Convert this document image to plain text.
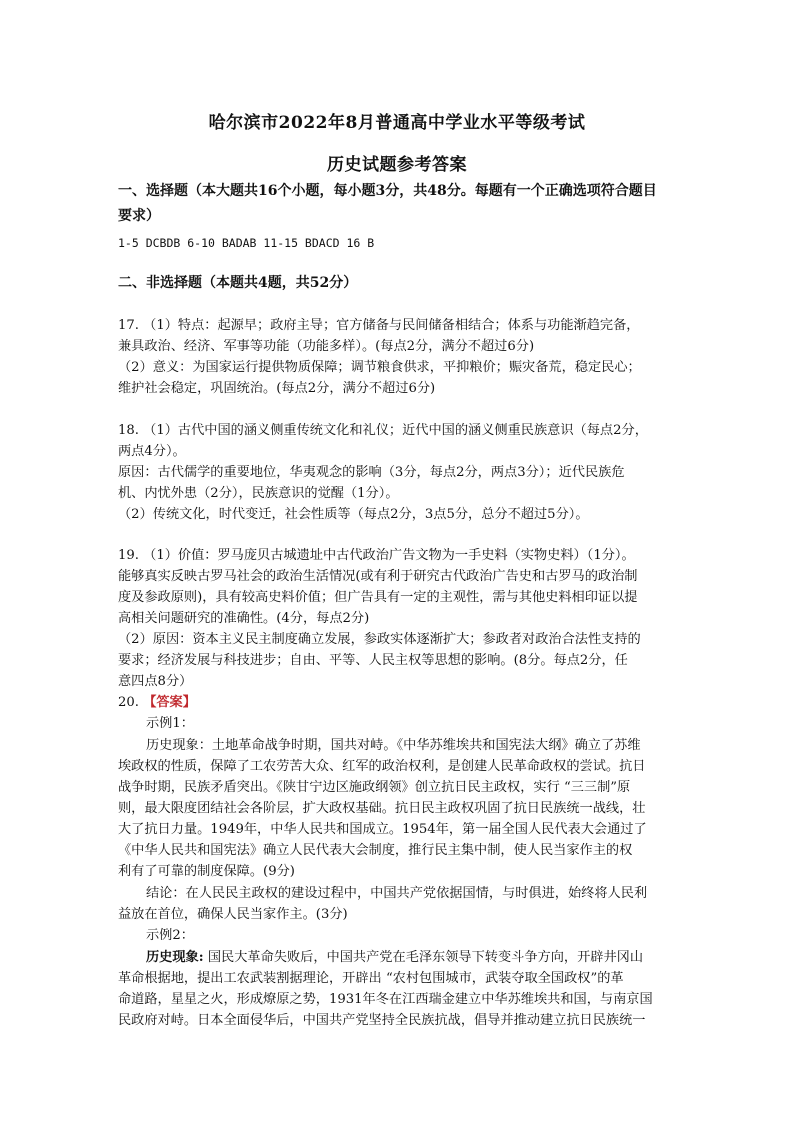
哈尔滨市2022年8月普通高中学业水平等级考试
历史试题参考答案
一、选择题（本大题共16个小题，每小题3分，共48分。每题有一个正确选项符合题目
要求）
1-5 DCBDB 6-10 BADAB 11-15 BDACD 16 B
二、非选择题（本题共4题，共52分）
17. （1）特点：起源早；政府主导；官方储备与民间储备相结合；体系与功能渐趋完备，
兼具政治、经济、军事等功能（功能多样）。(每点2分，满分不超过6分)
（2）意义：为国家运行提供物质保障；调节粮食供求，平抑粮价；赈灾备荒，稳定民心；
维护社会稳定，巩固统治。(每点2分，满分不超过6分)
18. （1）古代中国的涵义侧重传统文化和礼仪；近代中国的涵义侧重民族意识（每点2分，
两点4分）。
原因：古代儒学的重要地位，华夷观念的影响（3分，每点2分，两点3分）；近代民族危
机、内忧外患（2分），民族意识的觉醒（1分）。
（2）传统文化，时代变迁，社会性质等（每点2分，3点5分，总分不超过5分）。
19. （1）价值：罗马庞贝古城遗址中古代政治广告文物为一手史料（实物史料）（1分）。
能够真实反映古罗马社会的政治生活情况(或有利于研究古代政治广告史和古罗马的政治制
度及参政原则)，具有较高史料价值；但广告具有一定的主观性，需与其他史料相印证以提
高相关问题研究的准确性。(4分，每点2分)
（2）原因：资本主义民主制度确立发展，参政实体逐渐扩大；参政者对政治合法性支持的
要求；经济发展与科技进步；自由、平等、人民主权等思想的影响。(8分。每点2分，任
意四点8分）
20. 【答案】
示例1：
历史现象：土地革命战争时期，国共对峙。《中华苏维埃共和国宪法大纲》确立了苏维
埃政权的性质，保障了工农劳苦大众、红军的政治权利，是创建人民革命政权的尝试。抗日
战争时期，民族矛盾突出。《陕甘宁边区施政纲领》创立抗日民主政权，实行 “三三制”原
则，最大限度团结社会各阶层，扩大政权基础。抗日民主政权巩固了抗日民族统一战线，壮
大了抗日力量。1949年，中华人民共和国成立。1954年，第一届全国人民代表大会通过了
《中华人民共和国宪法》确立人民代表大会制度，推行民主集中制，使人民当家作主的权
利有了可靠的制度保障。(9分)
结论：在人民民主政权的建设过程中，中国共产党依据国情，与时俱进，始终将人民利
益放在首位，确保人民当家作主。(3分)
示例2：
历史现象: 国民大革命失败后，中国共产党在毛泽东领导下转变斗争方向，开辟井冈山
革命根据地，提出工农武装割据理论，开辟出 “农村包围城市，武装夺取全国政权”的革
命道路，星星之火，形成燎原之势，1931年冬在江西瑞金建立中华苏维埃共和国，与南京国
民政府对峙。日本全面侵华后，中国共产党坚持全民族抗战，倡导并推动建立抗日民族统一
